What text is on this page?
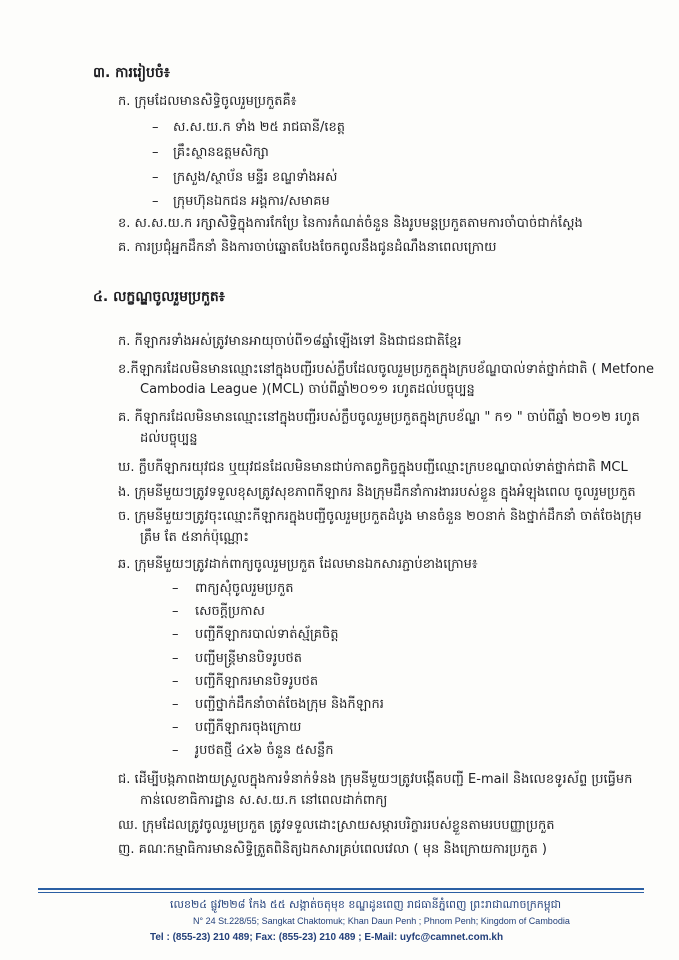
៣. ការរៀបចំ៖
ក. ក្រុមដែលមានសិទ្ធិចូលរួមប្រកួតគឺ៖
– ស.ស.យ.ក ទាំង ២៥ រាជធានី/ខេត្ត
– គ្រឹះស្ថានឧត្តមសិក្សា
– ក្រសួង/ស្ថាប័ន មន្ទីរ ខណ្ឌទាំងអស់
– ក្រុមហ៊ុនឯកជន អង្គការ/សមាគម
ខ. ស.ស.យ.ក រក្សាសិទ្ធិក្នុងការកែប្រែ នៃការកំណត់ចំនួន និងរូបមន្តប្រកួតតាមការចាំបាច់ជាក់ស្តែង
គ. ការប្រជុំអ្នកដឹកនាំ និងការចាប់ឆ្នោតបែងចែកពូលនឹងជូនដំណឹងនាពេលក្រោយ
៤. លក្ខណ្ឌចូលរួមប្រកួត៖
ក. កីឡាករទាំងអស់ត្រូវមានអាយុចាប់ពី១៨ឆ្នាំឡើងទៅ និងជាជនជាតិខ្មែរ
ខ.កីឡាករដែលមិនមានឈ្មោះនៅក្នុងបញ្ជីរបស់ក្លឹបដែលចូលរួមប្រកួតក្នុងក្របខ័ណ្ឌបាល់ទាត់ថ្នាក់ជាតិ ( Metfone
Cambodia League )(MCL) ចាប់ពីឆ្នាំ២០១១ រហូតដល់បច្ចុប្បន្ន
គ. កីឡាករដែលមិនមានឈ្មោះនៅក្នុងបញ្ជីរបស់ក្លឹបចូលរួមប្រកួតក្នុងក្របខ័ណ្ឌ " ក១ " ចាប់ពីឆ្នាំ ២០១២ រហូត
ដល់បច្ចុប្បន្ន
ឃ. ក្លឹបកីឡាករយុវជន ឬយុវជនដែលមិនមានជាប់កាតព្វកិច្ចក្នុងបញ្ជីឈ្មោះក្របខណ្ឌបាល់ទាត់ថ្នាក់ជាតិ MCL
ង. ក្រុមនីមួយៗត្រូវទទួលខុសត្រូវសុខភាពកីឡាករ និងក្រុមដឹកនាំការងាររបស់ខ្លួន ក្នុងអំឡុងពេល ចូលរួមប្រកួត
ច. ក្រុមនីមួយៗត្រូវចុះឈ្មោះកីឡាករក្នុងបញ្ជីចូលរួមប្រកួតដំបូង មានចំនួន ២០នាក់ និងថ្នាក់ដឹកនាំ ចាត់ចែងក្រុម
ត្រឹម តែ ៥នាក់ប៉ុណ្ណោះ
ឆ. ក្រុមនីមួយៗត្រូវដាក់ពាក្យចូលរួមប្រកួត ដែលមានឯកសារភ្ជាប់ខាងក្រោម៖
– ពាក្យសុំចូលរួមប្រកួត
– សេចក្តីប្រកាស
– បញ្ជីកីឡាករបាល់ទាត់ស្ម័គ្រចិត្ត
– បញ្ជីមន្ត្រីមានបិទរូបថត
– បញ្ជីកីឡាករមានបិទរូបថត
– បញ្ជីថ្នាក់ដឹកនាំចាត់ចែងក្រុម និងកីឡាករ
– បញ្ជីកីឡាករចុងក្រោយ
– រូបថតថ្មី ៤x៦ ចំនួន ៥សន្លឹក
ជ. ដើម្បីបង្កភាពងាយស្រួលក្នុងការទំនាក់ទំនង ក្រុមនីមួយៗត្រូវបង្កើតបញ្ជី E-mail និងលេខទូរស័ព្ទ ប្រធ្វើមក
កាន់លេខាធិការដ្ឋាន ស.ស.យ.ក នៅពេលដាក់ពាក្យ
ឈ. ក្រុមដែលត្រូវចូលរួមប្រកួត ត្រូវទទួលដោះស្រាយសម្ភារបរិក្ខាររបស់ខ្លួនតាមរបបញ្ញាប្រកួត
ញ. គណៈកម្មាធិការមានសិទ្ធិត្រួតពិនិត្យឯកសារគ្រប់ពេលវេលា ( មុន និងក្រោយការប្រកួត )
លេខ២៤ ផ្លូវ២២៨ កែង ៥៥ សង្កាត់ចតុមុខ ខណ្ឌដូនពេញ រាជធានីភ្នំពេញ ព្រះរាជាណាចក្រកម្ពុជា
N° 24 St.228/55; Sangkat Chaktomuk; Khan Daun Penh ; Phnom Penh; Kingdom of Cambodia
Tel : (855-23) 210 489; Fax: (855-23) 210 489 ; E-Mail: uyfc@camnet.com.kh
